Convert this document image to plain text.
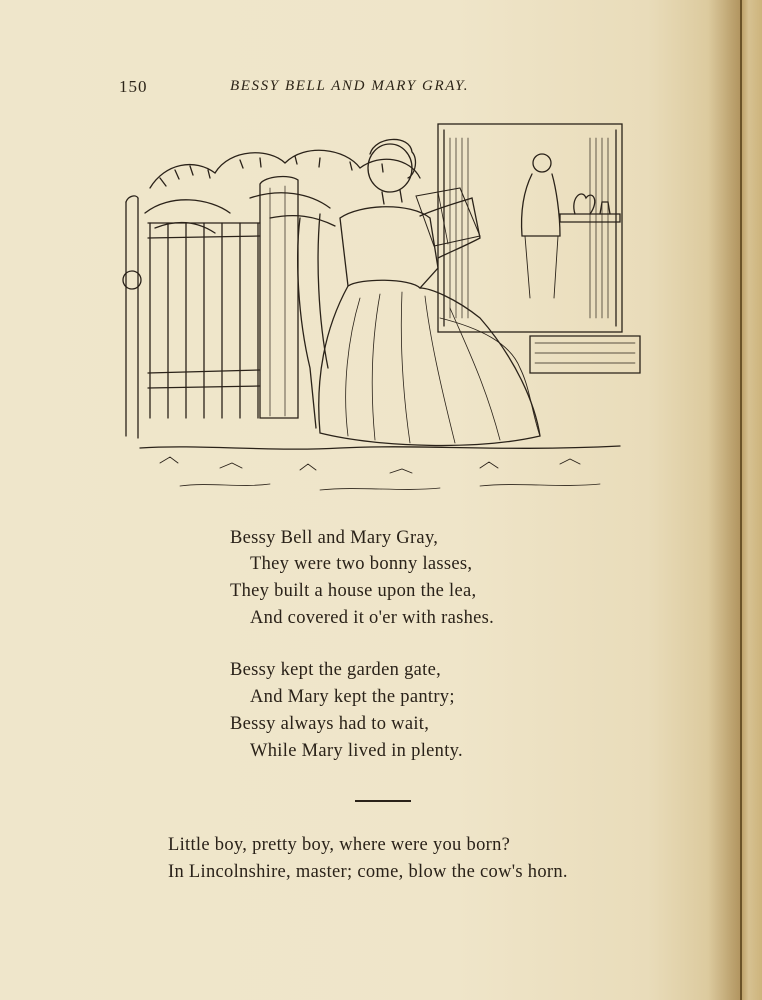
150	BESSY BELL AND MARY GRAY.
Bessy Bell and Mary Gray,
They were two bonny lasses,
They built a house upon the lea,
And covered it o'er with rashes.
Bessy kept the garden gate,
And Mary kept the pantry;
Bessy always had to wait,
While Mary lived in plenty.
Little boy, pretty boy, where were you born?
In Lincolnshire, master; come, blow the cow's horn.
